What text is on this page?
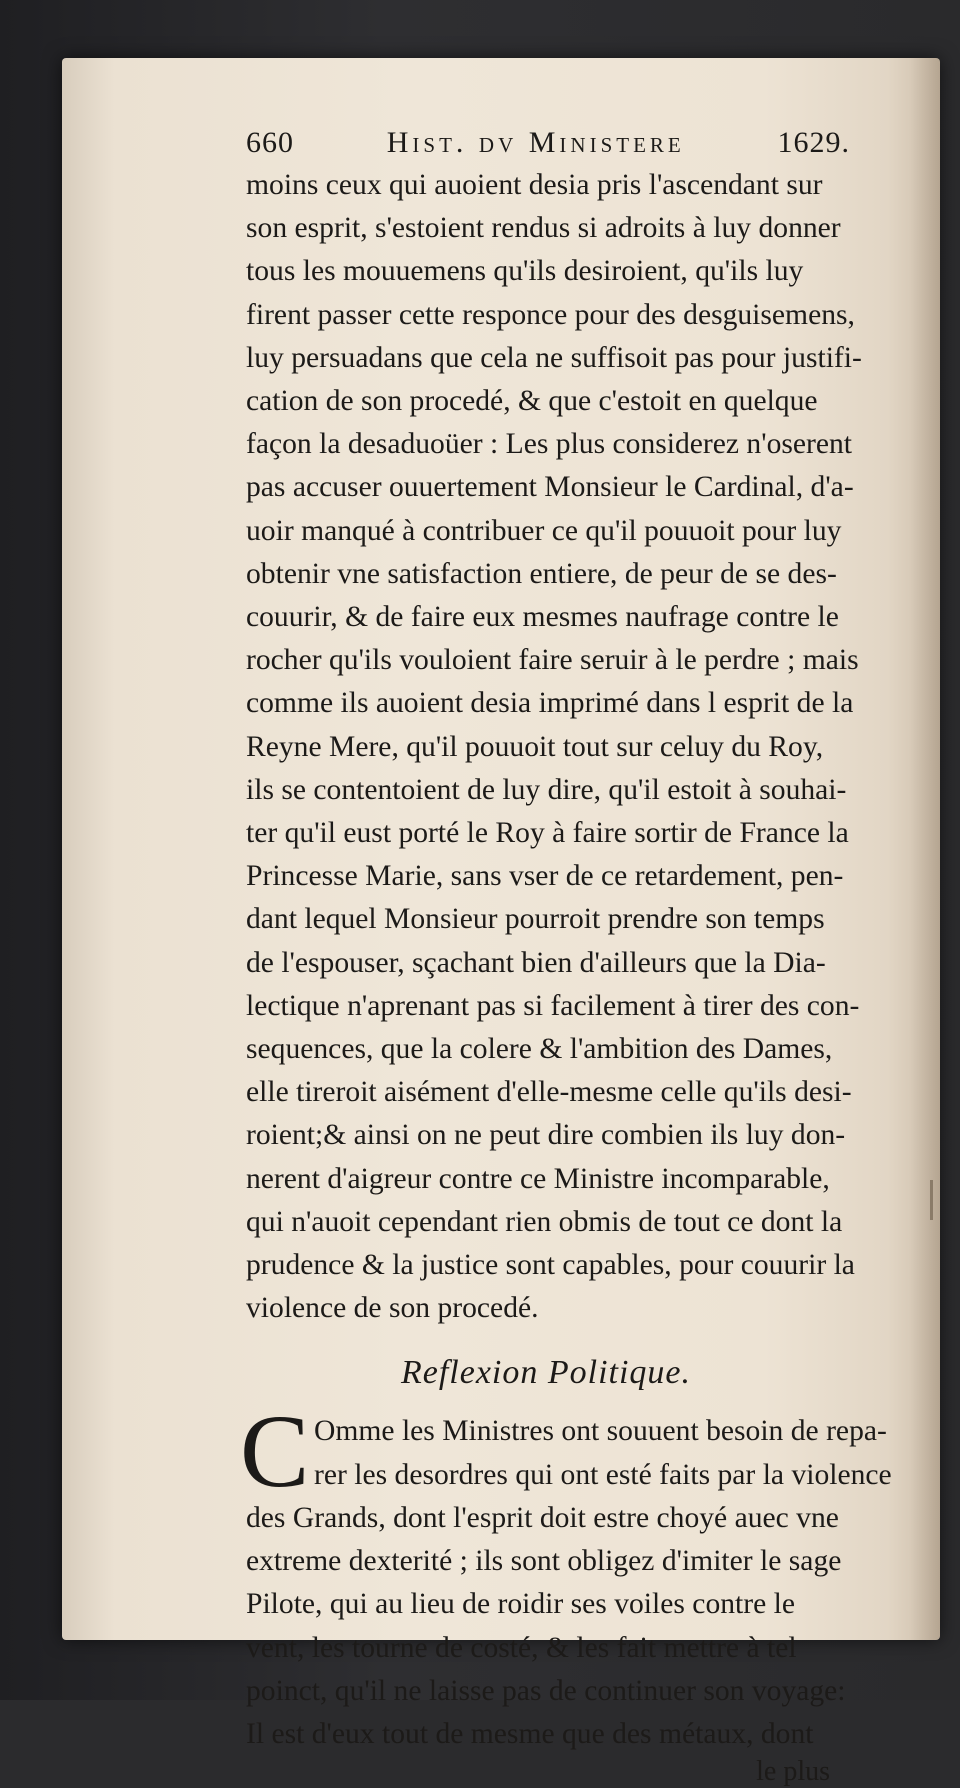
660	Hist. dv Ministere	1629.
moins ceux qui auoient desia pris l'ascendant sur
son esprit, s'estoient rendus si adroits à luy donner
tous les mouuemens qu'ils desiroient, qu'ils luy
firent passer cette responce pour des desguisemens,
luy persuadans que cela ne suffisoit pas pour justifi-
cation de son procedé, & que c'estoit en quelque
façon la desaduoüer : Les plus considerez n'oserent
pas accuser ouuertement Monsieur le Cardinal, d'a-
uoir manqué à contribuer ce qu'il pouuoit pour luy
obtenir vne satisfaction entiere, de peur de se des-
couurir, & de faire eux mesmes naufrage contre le
rocher qu'ils vouloient faire seruir à le perdre ; mais
comme ils auoient desia imprimé dans l esprit de la
Reyne Mere, qu'il pouuoit tout sur celuy du Roy,
ils se contentoient de luy dire, qu'il estoit à souhai-
ter qu'il eust porté le Roy à faire sortir de France la
Princesse Marie, sans vser de ce retardement, pen-
dant lequel Monsieur pourroit prendre son temps
de l'espouser, sçachant bien d'ailleurs que la Dia-
lectique n'aprenant pas si facilement à tirer des con-
sequences, que la colere & l'ambition des Dames,
elle tireroit aisément d'elle-mesme celle qu'ils desi-
roient;& ainsi on ne peut dire combien ils luy don-
nerent d'aigreur contre ce Ministre incomparable,
qui n'auoit cependant rien obmis de tout ce dont la
prudence & la justice sont capables, pour couurir la
violence de son procedé.
Reflexion Politique.
C Omme les Ministres ont souuent besoin de repa-
rer les desordres qui ont esté faits par la violence
des Grands, dont l'esprit doit estre choyé auec vne
extreme dexterité ; ils sont obligez d'imiter le sage
Pilote, qui au lieu de roidir ses voiles contre le
vent, les tourne de costé, & les fait mettre à tel
poinct, qu'il ne laisse pas de continuer son voyage:
Il est d'eux tout de mesme que des métaux, dont
le plus
